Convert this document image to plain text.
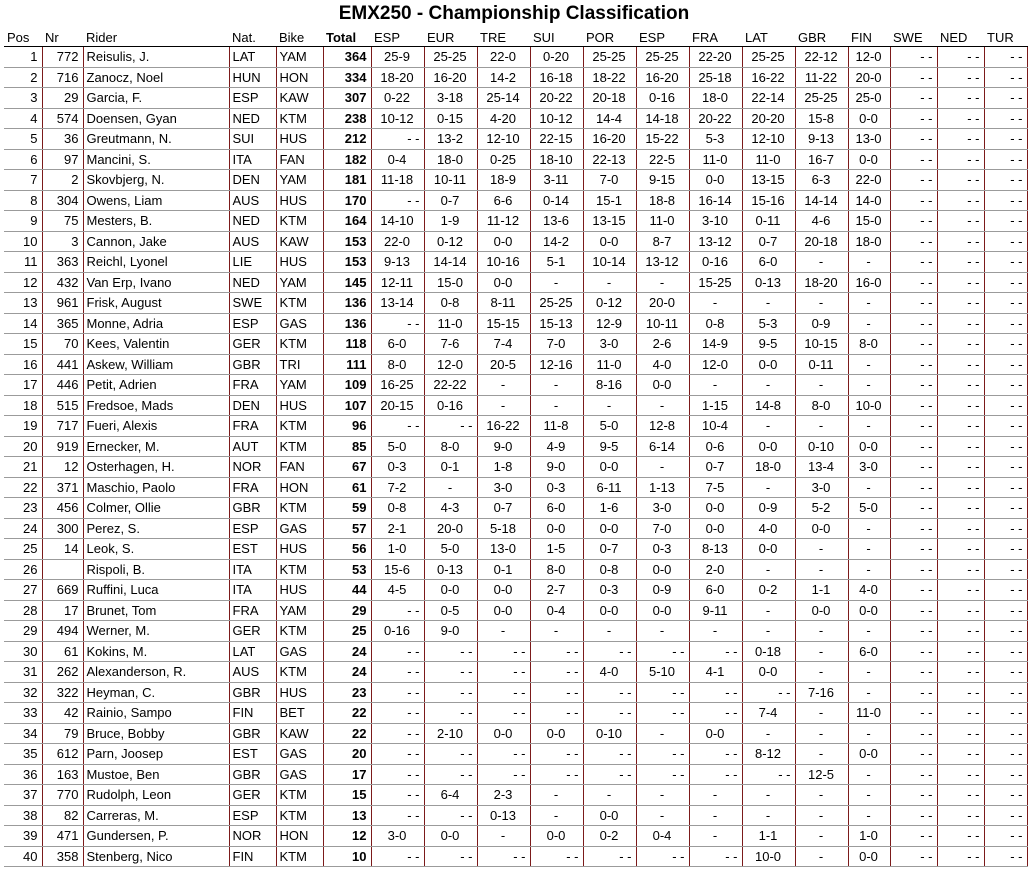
EMX250 - Championship Classification
Pos	Nr	Rider	Nat.	Bike	Total	ESP	EUR	TRE	SUI	POR	ESP	FRA	LAT	GBR	FIN	SWE	NED	TUR
1	772	Reisulis, J.	LAT	YAM	364	25-9	25-25	22-0	0-20	25-25	25-25	22-20	25-25	22-12	12-0	- -	- -	- -
2	716	Zanocz, Noel	HUN	HON	334	18-20	16-20	14-2	16-18	18-22	16-20	25-18	16-22	11-22	20-0	- -	- -	- -
3	29	Garcia, F.	ESP	KAW	307	0-22	3-18	25-14	20-22	20-18	0-16	18-0	22-14	25-25	25-0	- -	- -	- -
4	574	Doensen, Gyan	NED	KTM	238	10-12	0-15	4-20	10-12	14-4	14-18	20-22	20-20	15-8	0-0	- -	- -	- -
5	36	Greutmann, N.	SUI	HUS	212	- -	13-2	12-10	22-15	16-20	15-22	5-3	12-10	9-13	13-0	- -	- -	- -
6	97	Mancini, S.	ITA	FAN	182	0-4	18-0	0-25	18-10	22-13	22-5	11-0	11-0	16-7	0-0	- -	- -	- -
7	2	Skovbjerg, N.	DEN	YAM	181	11-18	10-11	18-9	3-11	7-0	9-15	0-0	13-15	6-3	22-0	- -	- -	- -
8	304	Owens, Liam	AUS	HUS	170	- -	0-7	6-6	0-14	15-1	18-8	16-14	15-16	14-14	14-0	- -	- -	- -
9	75	Mesters, B.	NED	KTM	164	14-10	1-9	11-12	13-6	13-15	11-0	3-10	0-11	4-6	15-0	- -	- -	- -
10	3	Cannon, Jake	AUS	KAW	153	22-0	0-12	0-0	14-2	0-0	8-7	13-12	0-7	20-18	18-0	- -	- -	- -
11	363	Reichl, Lyonel	LIE	HUS	153	9-13	14-14	10-16	5-1	10-14	13-12	0-16	6-0	-	-	- -	- -	- -
12	432	Van Erp, Ivano	NED	YAM	145	12-11	15-0	0-0	-	-	-	15-25	0-13	18-20	16-0	- -	- -	- -
13	961	Frisk, August	SWE	KTM	136	13-14	0-8	8-11	25-25	0-12	20-0	-	-	-	-	- -	- -	- -
14	365	Monne, Adria	ESP	GAS	136	- -	11-0	15-15	15-13	12-9	10-11	0-8	5-3	0-9	-	- -	- -	- -
15	70	Kees, Valentin	GER	KTM	118	6-0	7-6	7-4	7-0	3-0	2-6	14-9	9-5	10-15	8-0	- -	- -	- -
16	441	Askew, William	GBR	TRI	111	8-0	12-0	20-5	12-16	11-0	4-0	12-0	0-0	0-11	-	- -	- -	- -
17	446	Petit, Adrien	FRA	YAM	109	16-25	22-22	-	-	8-16	0-0	-	-	-	-	- -	- -	- -
18	515	Fredsoe, Mads	DEN	HUS	107	20-15	0-16	-	-	-	-	1-15	14-8	8-0	10-0	- -	- -	- -
19	717	Fueri, Alexis	FRA	KTM	96	- -	- -	16-22	11-8	5-0	12-8	10-4	-	-	-	- -	- -	- -
20	919	Ernecker, M.	AUT	KTM	85	5-0	8-0	9-0	4-9	9-5	6-14	0-6	0-0	0-10	0-0	- -	- -	- -
21	12	Osterhagen, H.	NOR	FAN	67	0-3	0-1	1-8	9-0	0-0	-	0-7	18-0	13-4	3-0	- -	- -	- -
22	371	Maschio, Paolo	FRA	HON	61	7-2	-	3-0	0-3	6-11	1-13	7-5	-	3-0	-	- -	- -	- -
23	456	Colmer, Ollie	GBR	KTM	59	0-8	4-3	0-7	6-0	1-6	3-0	0-0	0-9	5-2	5-0	- -	- -	- -
24	300	Perez, S.	ESP	GAS	57	2-1	20-0	5-18	0-0	0-0	7-0	0-0	4-0	0-0	-	- -	- -	- -
25	14	Leok, S.	EST	HUS	56	1-0	5-0	13-0	1-5	0-7	0-3	8-13	0-0	-	-	- -	- -	- -
26		Rispoli, B.	ITA	KTM	53	15-6	0-13	0-1	8-0	0-8	0-0	2-0	-	-	-	- -	- -	- -
27	669	Ruffini, Luca	ITA	HUS	44	4-5	0-0	0-0	2-7	0-3	0-9	6-0	0-2	1-1	4-0	- -	- -	- -
28	17	Brunet, Tom	FRA	YAM	29	- -	0-5	0-0	0-4	0-0	0-0	9-11	-	0-0	0-0	- -	- -	- -
29	494	Werner, M.	GER	KTM	25	0-16	9-0	-	-	-	-	-	-	-	-	- -	- -	- -
30	61	Kokins, M.	LAT	GAS	24	- -	- -	- -	- -	- -	- -	- -	0-18	-	6-0	- -	- -	- -
31	262	Alexanderson, R.	AUS	KTM	24	- -	- -	- -	- -	4-0	5-10	4-1	0-0	-	-	- -	- -	- -
32	322	Heyman, C.	GBR	HUS	23	- -	- -	- -	- -	- -	- -	- -	- -	7-16	-	- -	- -	- -
33	42	Rainio, Sampo	FIN	BET	22	- -	- -	- -	- -	- -	- -	- -	7-4	-	11-0	- -	- -	- -
34	79	Bruce, Bobby	GBR	KAW	22	- -	2-10	0-0	0-0	0-10	-	0-0	-	-	-	- -	- -	- -
35	612	Parn, Joosep	EST	GAS	20	- -	- -	- -	- -	- -	- -	- -	8-12	-	0-0	- -	- -	- -
36	163	Mustoe, Ben	GBR	GAS	17	- -	- -	- -	- -	- -	- -	- -	- -	12-5	-	- -	- -	- -
37	770	Rudolph, Leon	GER	KTM	15	- -	6-4	2-3	-	-	-	-	-	-	-	- -	- -	- -
38	82	Carreras, M.	ESP	KTM	13	- -	- -	0-13	-	0-0	-	-	-	-	-	- -	- -	- -
39	471	Gundersen, P.	NOR	HON	12	3-0	0-0	-	0-0	0-2	0-4	-	1-1	-	1-0	- -	- -	- -
40	358	Stenberg, Nico	FIN	KTM	10	- -	- -	- -	- -	- -	- -	- -	10-0	-	0-0	- -	- -	- -
